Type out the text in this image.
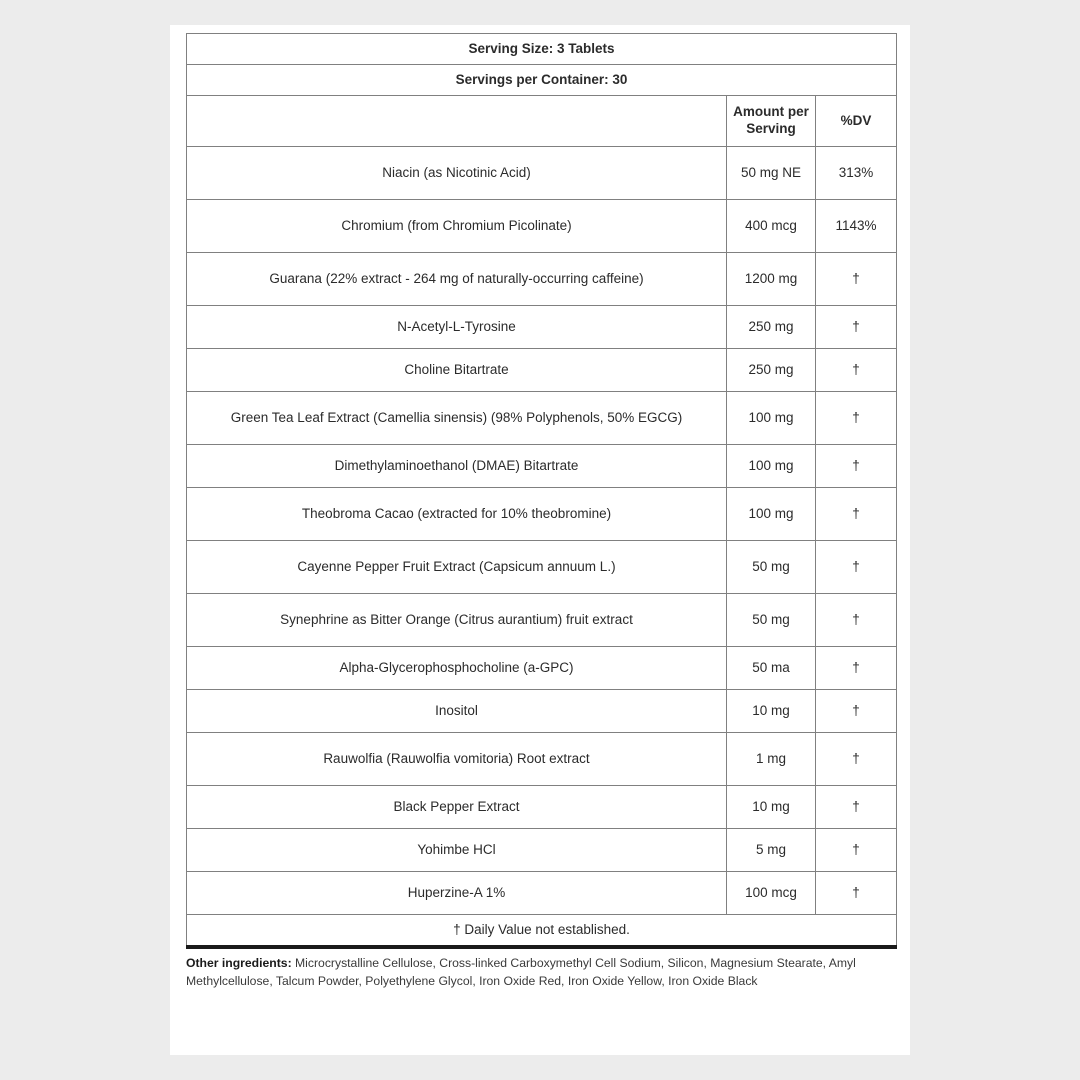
Serving Size: 3 Tablets		
Servings per Container: 30		
	Amount per Serving	%DV
Niacin (as Nicotinic Acid)	50 mg NE	313%
Chromium (from Chromium Picolinate)	400 mcg	1143%
Guarana (22% extract - 264 mg of naturally-occurring caffeine)	1200 mg	†
N-Acetyl-L-Tyrosine	250 mg	†
Choline Bitartrate	250 mg	†
Green Tea Leaf Extract (Camellia sinensis) (98% Polyphenols, 50% EGCG)	100 mg	†
Dimethylaminoethanol (DMAE) Bitartrate	100 mg	†
Theobroma Cacao (extracted for 10% theobromine)	100 mg	†
Cayenne Pepper Fruit Extract (Capsicum annuum L.)	50 mg	†
Synephrine as Bitter Orange (Citrus aurantium) fruit extract	50 mg	†
Alpha-Glycerophosphocholine (a-GPC)	50 ma	†
Inositol	10 mg	†
Rauwolfia (Rauwolfia vomitoria) Root extract	1 mg	†
Black Pepper Extract	10 mg	†
Yohimbe HCl	5 mg	†
Huperzine-A 1%	100 mcg	†
† Daily Value not established.		
Other ingredients: Microcrystalline Cellulose, Cross-linked Carboxymethyl Cell Sodium, Silicon, Magnesium Stearate, Amyl Methylcellulose, Talcum Powder, Polyethylene Glycol, Iron Oxide Red, Iron Oxide Yellow, Iron Oxide Black
